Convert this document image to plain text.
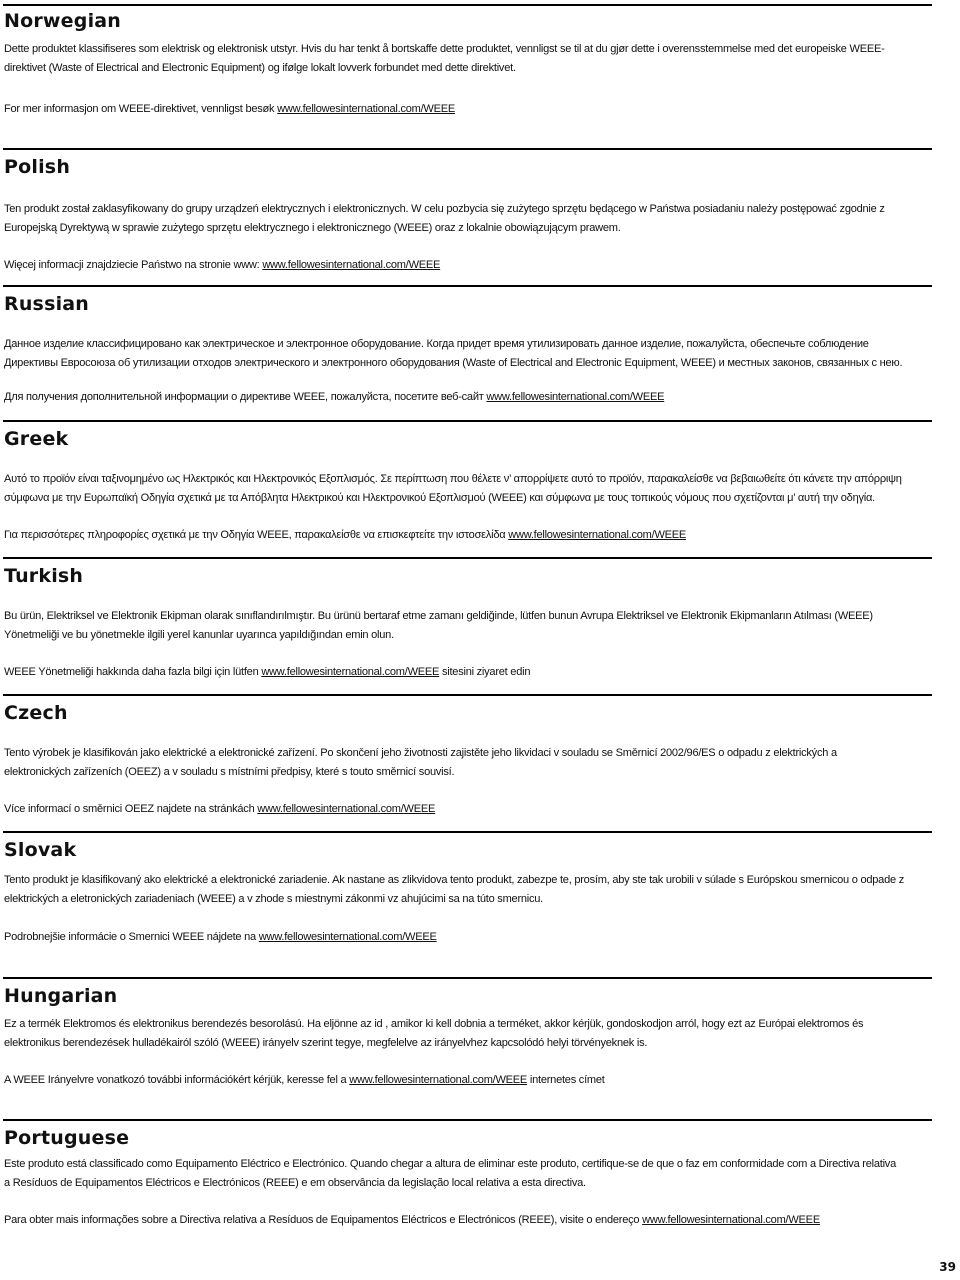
Norwegian
Dette produktet klassifiseres som elektrisk og elektronisk utstyr. Hvis du har tenkt å bortskaffe dette produktet, vennligst se til at du gjør dette i overensstemmelse med det europeiske WEEE-direktivet (Waste of Electrical and Electronic Equipment) og ifølge lokalt lovverk forbundet med dette direktivet.
For mer informasjon om WEEE-direktivet, vennligst besøk www.fellowesinternational.com/WEEE
Polish
Ten produkt został zaklasyfikowany do grupy urządzeń elektrycznych i elektronicznych. W celu pozbycia się zużytego sprzętu będącego w Państwa posiadaniu należy postępować zgodnie z Europejską Dyrektywą w sprawie zużytego sprzętu elektrycznego i elektronicznego (WEEE) oraz z lokalnie obowiązującym prawem.
Więcej informacji znajdziecie Państwo na stronie www: www.fellowesinternational.com/WEEE
Russian
Данное изделие классифицировано как электрическое и электронное оборудование. Когда придет время утилизировать данное изделие, пожалуйста, обеспечьте соблюдение Директивы Евросоюза об утилизации отходов электрического и электронного оборудования (Waste of Electrical and Electronic Equipment, WEEE) и местных законов, связанных с нею.
Для получения дополнительной информации о директиве WEEE, пожалуйста, посетите веб-сайт www.fellowesinternational.com/WEEE
Greek
Αυτό το προϊόν είναι ταξινομημένο ως Ηλεκτρικός και Ηλεκτρονικός Εξοπλισμός. Σε περίπτωση που θέλετε ν’ απορρίψετε αυτό το προϊόν, παρακαλείσθε να βεβαιωθείτε ότι κάνετε την απόρριψη σύμφωνα με την Ευρωπαϊκή Οδηγία σχετικά με τα Απόβλητα Ηλεκτρικού και Ηλεκτρονικού Εξοπλισμού (WEEE) και σύμφωνα με τους τοπικούς νόμους που σχετίζονται μ’ αυτή την οδηγία.
Για περισσότερες πληροφορίες σχετικά με την Οδηγία WEEE, παρακαλείσθε να επισκεφτείτε την ιστοσελίδα www.fellowesinternational.com/WEEE
Turkish
Bu ürün, Elektriksel ve Elektronik Ekipman olarak sınıflandırılmıştır. Bu ürünü bertaraf etme zamanı geldiğinde, lütfen bunun Avrupa Elektriksel ve Elektronik Ekipmanların Atılması (WEEE) Yönetmeliği ve bu yönetmekle ilgili yerel kanunlar uyarınca yapıldığından emin olun.
WEEE Yönetmeliği hakkında daha fazla bilgi için lütfen www.fellowesinternational.com/WEEE sitesini ziyaret edin
Czech
Tento výrobek je klasifikován jako elektrické a elektronické zařízení. Po skončení jeho životnosti zajistěte jeho likvidaci v souladu se Směrnicí 2002/96/ES o odpadu z elektrických a elektronických zařízeních (OEEZ) a v souladu s místními předpisy, které s touto směrnicí souvisí.
Více informací o směrnici OEEZ najdete na stránkách www.fellowesinternational.com/WEEE
Slovak
Tento produkt je klasifikovaný ako elektrické a elektronické zariadenie. Ak nastane as zlikvidova tento produkt, zabezpe te, prosím, aby ste tak urobili v súlade s Európskou smernicou o odpade z elektrických a eletronických zariadeniach (WEEE) a v zhode s miestnymi zákonmi vz ahujúcimi sa na túto smernicu.
Podrobnejšie informácie o Smernici WEEE nájdete na www.fellowesinternational.com/WEEE
Hungarian
Ez a termék Elektromos és elektronikus berendezés besorolású. Ha eljönne az id , amikor ki kell dobnia a terméket, akkor kérjük, gondoskodjon arról, hogy ezt az Európai elektromos és elektronikus berendezések hulladékairól szóló (WEEE) irányelv szerint tegye, megfelelve az irányelvhez kapcsolódó helyi törvényeknek is.
A WEEE Irányelvre vonatkozó további információkért kérjük, keresse fel a www.fellowesinternational.com/WEEE internetes címet
Portuguese
Este produto está classificado como Equipamento Eléctrico e Electrónico. Quando chegar a altura de eliminar este produto, certifique-se de que o faz em conformidade com a Directiva relativa a Resíduos de Equipamentos Eléctricos e Electrónicos (REEE) e em observância da legislação local relativa a esta directiva.
Para obter mais informações sobre a Directiva relativa a Resíduos de Equipamentos Eléctricos e Electrónicos (REEE), visite o endereço www.fellowesinternational.com/WEEE
39
